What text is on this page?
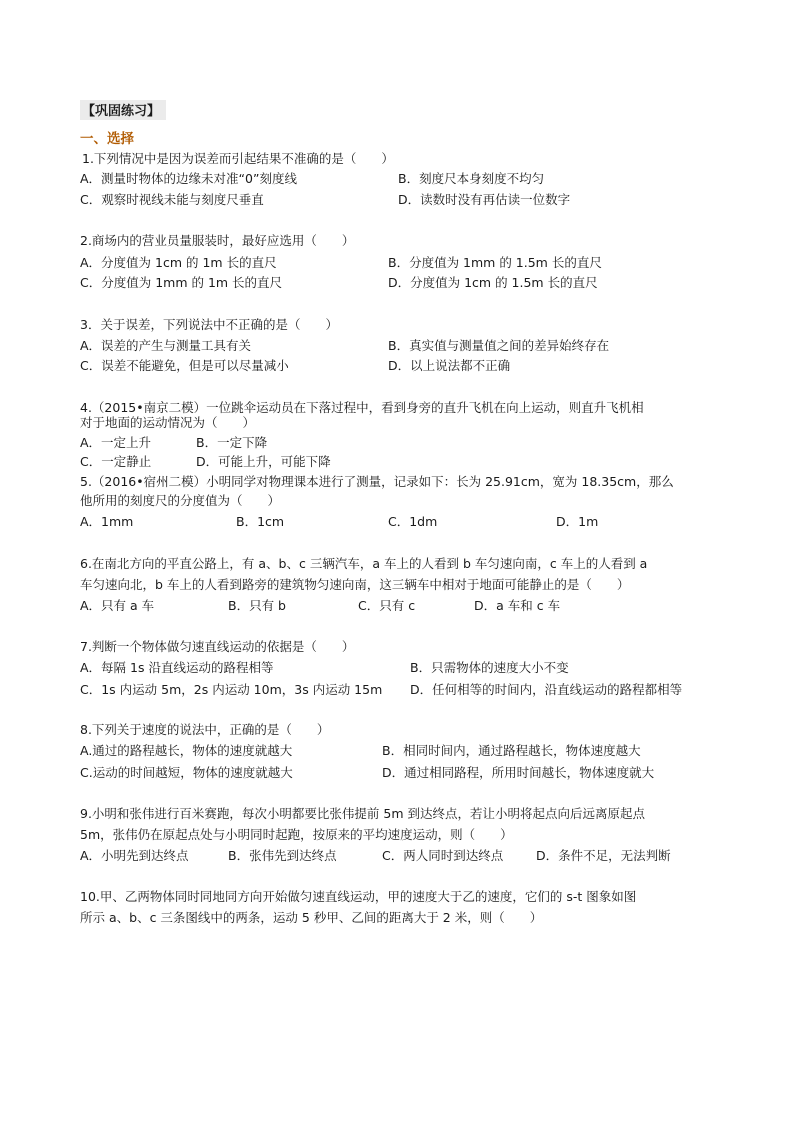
【巩固练习】
一、选择
1.下列情况中是因为误差而引起结果不准确的是（　　）
A．测量时物体的边缘未对准“0”刻度线	B．刻度尺本身刻度不均匀
C．观察时视线未能与刻度尺垂直	D．读数时没有再估读一位数字
2.商场内的营业员量服装时，最好应选用（　　）
A．分度值为 1cm 的 1m 长的直尺	B．分度值为 1mm 的 1.5m 长的直尺
C．分度值为 1mm 的 1m 长的直尺	D．分度值为 1cm 的 1.5m 长的直尺
3．关于误差，下列说法中不正确的是（　　）
A．误差的产生与测量工具有关	B．真实值与测量值之间的差异始终存在
C．误差不能避免，但是可以尽量减小	D．以上说法都不正确
4.（2015•南京二模）一位跳伞运动员在下落过程中，看到身旁的直升飞机在向上运动，则直升飞机相
对于地面的运动情况为（　　）
A．一定上升	B．一定下降
C．一定静止	D．可能上升，可能下降
5.（2016•宿州二模）小明同学对物理课本进行了测量，记录如下：长为 25.91cm，宽为 18.35cm，那么
他所用的刻度尺的分度值为（　　）
A．1mm	B．1cm	C．1dm	D．1m
6.在南北方向的平直公路上，有 a、b、c 三辆汽车，a 车上的人看到 b 车匀速向南，c 车上的人看到 a
车匀速向北，b 车上的人看到路旁的建筑物匀速向南，这三辆车中相对于地面可能静止的是（　　）
A．只有 a 车	B．只有 b	C．只有 c	D．a 车和 c 车
7.判断一个物体做匀速直线运动的依据是（　　）
A．每隔 1s 沿直线运动的路程相等	B．只需物体的速度大小不变
C．1s 内运动 5m，2s 内运动 10m，3s 内运动 15m D．任何相等的时间内，沿直线运动的路程都相等
8.下列关于速度的说法中，正确的是（　　）
A.通过的路程越长，物体的速度就越大	B．相同时间内，通过路程越长，物体速度越大
C.运动的时间越短，物体的速度就越大	D．通过相同路程，所用时间越长，物体速度就大
9.小明和张伟进行百米赛跑，每次小明都要比张伟提前 5m 到达终点，若让小明将起点向后远离原起点
5m，张伟仍在原起点处与小明同时起跑，按原来的平均速度运动，则（　　）
A．小明先到达终点	B．张伟先到达终点	C．两人同时到达终点	D．条件不足，无法判断
10.甲、乙两物体同时同地同方向开始做匀速直线运动，甲的速度大于乙的速度，它们的 s-t 图象如图
所示 a、b、c 三条图线中的两条，运动 5 秒甲、乙间的距离大于 2 米，则（　　）
